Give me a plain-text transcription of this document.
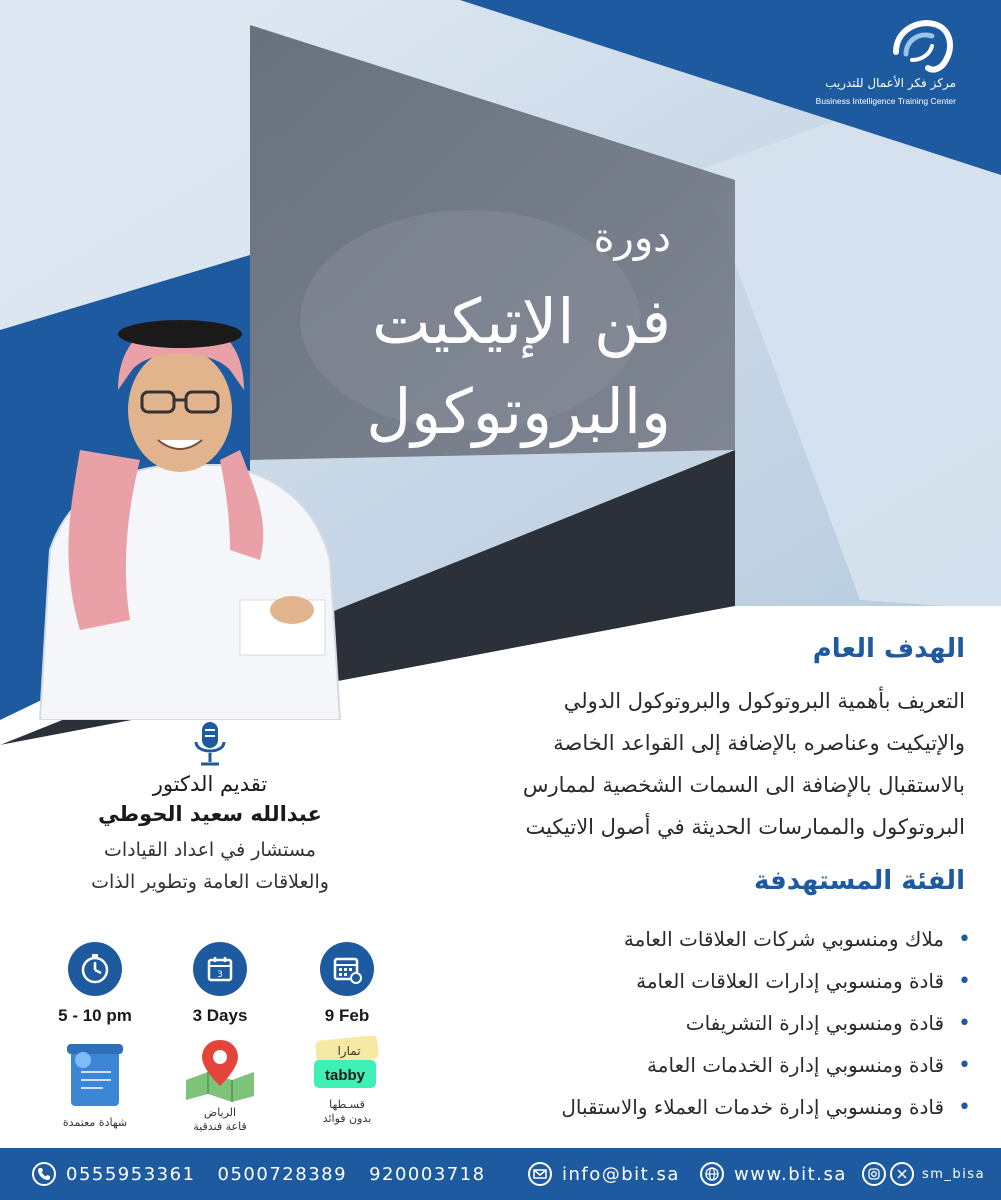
مركز فكر الأعمال للتدريب
Business Intelligence Training Center
دورة
فن الإتيكيت
والبروتوكول
الهدف العام
التعريف بأهمية البروتوكول والبروتوكول الدولي
والإتيكيت وعناصره بالإضافة إلى القواعد الخاصة
بالاستقبال بالإضافة الى السمات الشخصية لممارس
البروتوكول والممارسات الحديثة في أصول الاتيكيت
الفئة المستهدفة
•
ملاك ومنسوبي شركات العلاقات العامة
•
قادة ومنسوبي إدارات العلاقات العامة
•
قادة ومنسوبي إدارة التشريفات
•
قادة ومنسوبي إدارة الخدمات العامة
•
قادة ومنسوبي إدارة خدمات العملاء والاستقبال
تقديم الدكتور
عبدالله سعيد الحوطي
مستشار في اعداد القيادات
والعلاقات العامة وتطوير الذات
5 - 10 pm
3
3 Days	9 Feb
شهادة معتمدة
الرياض
قاعة فندقية
تمارا
tabby
قسـطها
بدون فوائد
0555953361 0500728389 920003718	info@bit.sa	www.bit.sa	sm_bisa
